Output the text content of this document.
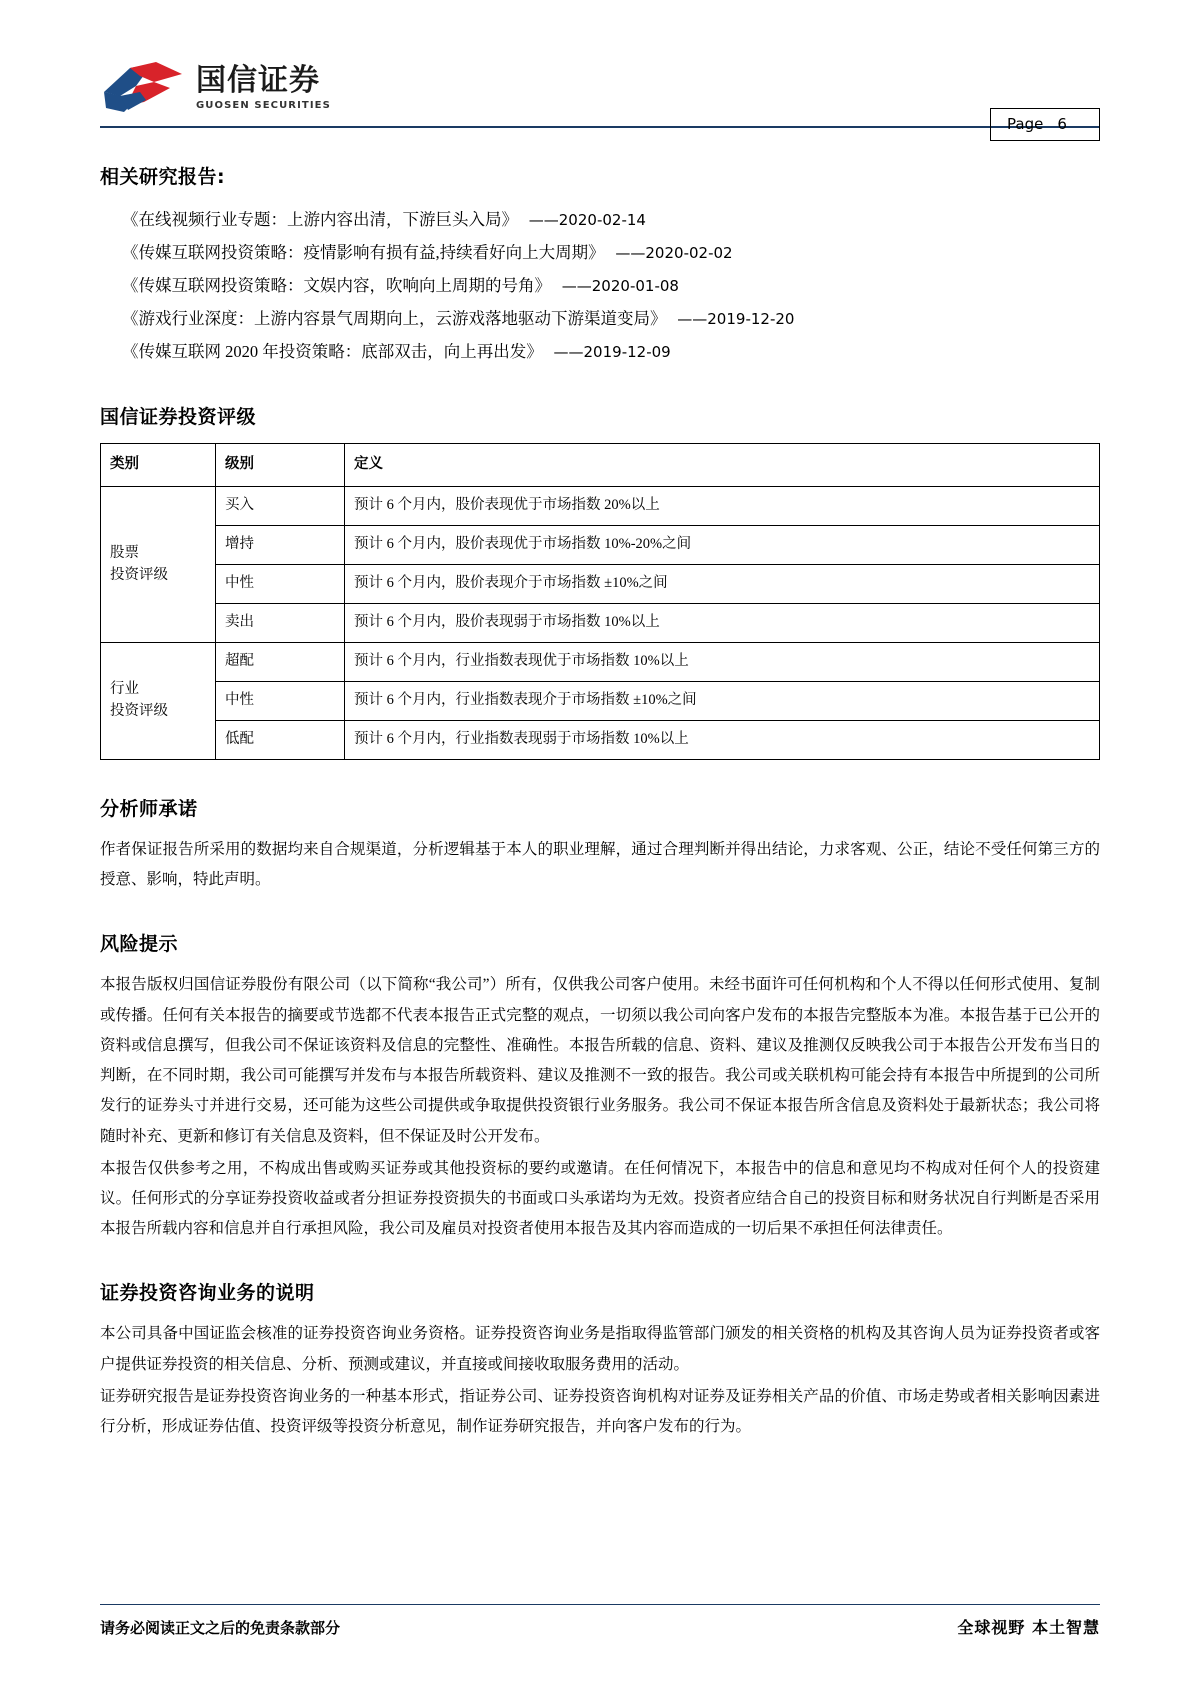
国信证券
GUOSEN SECURITIES
Page 6
相关研究报告:
《在线视频行业专题：上游内容出清，下游巨头入局》 ——2020-02-14
《传媒互联网投资策略：疫情影响有损有益,持续看好向上大周期》 ——2020-02-02
《传媒互联网投资策略：文娱内容，吹响向上周期的号角》 ——2020-01-08
《游戏行业深度：上游内容景气周期向上，云游戏落地驱动下游渠道变局》 ——2019-12-20
《传媒互联网 2020 年投资策略：底部双击，向上再出发》 ——2019-12-09
国信证券投资评级
类别	级别	定义

股票
投资评级	买入	预计 6 个月内，股价表现优于市场指数 20%以上
	增持	预计 6 个月内，股价表现优于市场指数 10%-20%之间
	中性	预计 6 个月内，股价表现介于市场指数 ±10%之间
	卖出	预计 6 个月内，股价表现弱于市场指数 10%以上

行业
投资评级	超配	预计 6 个月内，行业指数表现优于市场指数 10%以上
	中性	预计 6 个月内，行业指数表现介于市场指数 ±10%之间
	低配	预计 6 个月内，行业指数表现弱于市场指数 10%以上
分析师承诺

作者保证报告所采用的数据均来自合规渠道，分析逻辑基于本人的职业理解，通过合理判断并得出结论，力求客观、公正，结论不受任何第三方的授意、影响，特此声明。

风险提示

本报告版权归国信证券股份有限公司（以下简称“我公司”）所有，仅供我公司客户使用。未经书面许可任何机构和个人不得以任何形式使用、复制或传播。任何有关本报告的摘要或节选都不代表本报告正式完整的观点，一切须以我公司向客户发布的本报告完整版本为准。本报告基于已公开的资料或信息撰写，但我公司不保证该资料及信息的完整性、准确性。本报告所载的信息、资料、建议及推测仅反映我公司于本报告公开发布当日的判断，在不同时期，我公司可能撰写并发布与本报告所载资料、建议及推测不一致的报告。我公司或关联机构可能会持有本报告中所提到的公司所发行的证券头寸并进行交易，还可能为这些公司提供或争取提供投资银行业务服务。我公司不保证本报告所含信息及资料处于最新状态；我公司将随时补充、更新和修订有关信息及资料，但不保证及时公开发布。

本报告仅供参考之用，不构成出售或购买证券或其他投资标的要约或邀请。在任何情况下，本报告中的信息和意见均不构成对任何个人的投资建议。任何形式的分享证券投资收益或者分担证券投资损失的书面或口头承诺均为无效。投资者应结合自己的投资目标和财务状况自行判断是否采用本报告所载内容和信息并自行承担风险，我公司及雇员对投资者使用本报告及其内容而造成的一切后果不承担任何法律责任。

证券投资咨询业务的说明

本公司具备中国证监会核准的证券投资咨询业务资格。证券投资咨询业务是指取得监管部门颁发的相关资格的机构及其咨询人员为证券投资者或客户提供证券投资的相关信息、分析、预测或建议，并直接或间接收取服务费用的活动。

证券研究报告是证券投资咨询业务的一种基本形式，指证券公司、证券投资咨询机构对证券及证券相关产品的价值、市场走势或者相关影响因素进行分析，形成证券估值、投资评级等投资分析意见，制作证券研究报告，并向客户发布的行为。

请务必阅读正文之后的免责条款部分	全球视野 本土智慧
